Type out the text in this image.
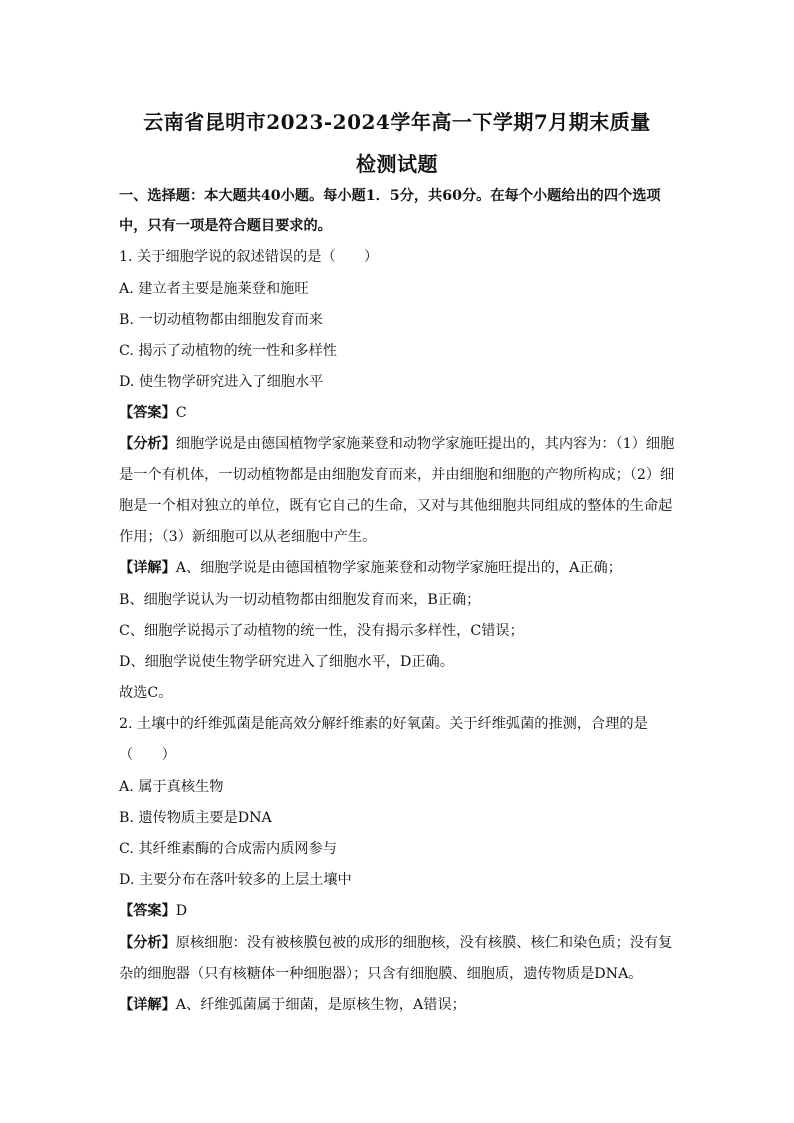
云南省昆明市2023-2024学年高一下学期7月期末质量
检测试题
一、选择题：本大题共40小题。每小题1．5分，共60分。在每个小题给出的四个选项
中，只有一项是符合题目要求的。
1. 关于细胞学说的叙述错误的是（　　）
A. 建立者主要是施莱登和施旺
B. 一切动植物都由细胞发育而来
C. 揭示了动植物的统一性和多样性
D. 使生物学研究进入了细胞水平
【答案】C
【分析】细胞学说是由德国植物学家施莱登和动物学家施旺提出的，其内容为：（1）细胞
是一个有机体，一切动植物都是由细胞发育而来，并由细胞和细胞的产物所构成；（2）细
胞是一个相对独立的单位，既有它自己的生命，又对与其他细胞共同组成的整体的生命起
作用；（3）新细胞可以从老细胞中产生。
【详解】A、细胞学说是由德国植物学家施莱登和动物学家施旺提出的，A正确；
B、细胞学说认为一切动植物都由细胞发育而来，B正确；
C、细胞学说揭示了动植物的统一性，没有揭示多样性，C错误；
D、细胞学说使生物学研究进入了细胞水平，D正确。
故选C。
2. 土壤中的纤维弧菌是能高效分解纤维素的好氧菌。关于纤维弧菌的推测，合理的是
（　　）
A. 属于真核生物
B. 遗传物质主要是DNA
C. 其纤维素酶的合成需内质网参与
D. 主要分布在落叶较多的上层土壤中
【答案】D
【分析】原核细胞：没有被核膜包被的成形的细胞核，没有核膜、核仁和染色质；没有复
杂的细胞器（只有核糖体一种细胞器）；只含有细胞膜、细胞质，遗传物质是DNA。
【详解】A、纤维弧菌属于细菌，是原核生物，A错误；
